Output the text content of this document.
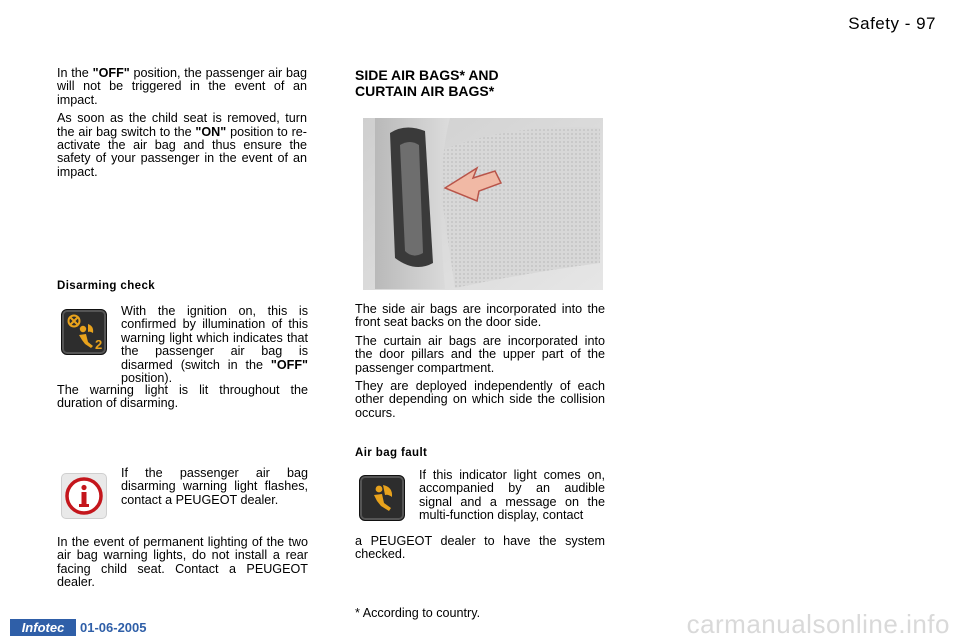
Safety - 97

In the "OFF" position, the passenger air bag will not be triggered in the event of an impact.

As soon as the child seat is removed, turn the air bag switch to the "ON" position to re-activate the air bag and thus ensure the safety of your passenger in the event of an impact.

Disarming check
2

With the ignition on, this is confirmed by illumination of this warning light which indicates that the passenger air bag is disarmed (switch in the "OFF" position).

The warning light is lit throughout the duration of disarming.

If the passenger air bag disarming warning light flashes, contact a PEUGEOT dealer.

In the event of permanent lighting of the two air bag warning lights, do not install a rear facing child seat. Contact a PEUGEOT dealer.

SIDE AIR BAGS* AND
CURTAIN AIR BAGS*

The side air bags are incorporated into the front seat backs on the door side.

The curtain air bags are incorporated into the door pillars and the upper part of the passenger compartment.

They are deployed independently of each other depending on which side the collision occurs.

Air bag fault

If this indicator light comes on, accompanied by an audible signal and a message on the multi-function display, contact

a PEUGEOT dealer to have the system checked.

* According to country.
Infotec	01-06-2005	carmanualsonline.info
